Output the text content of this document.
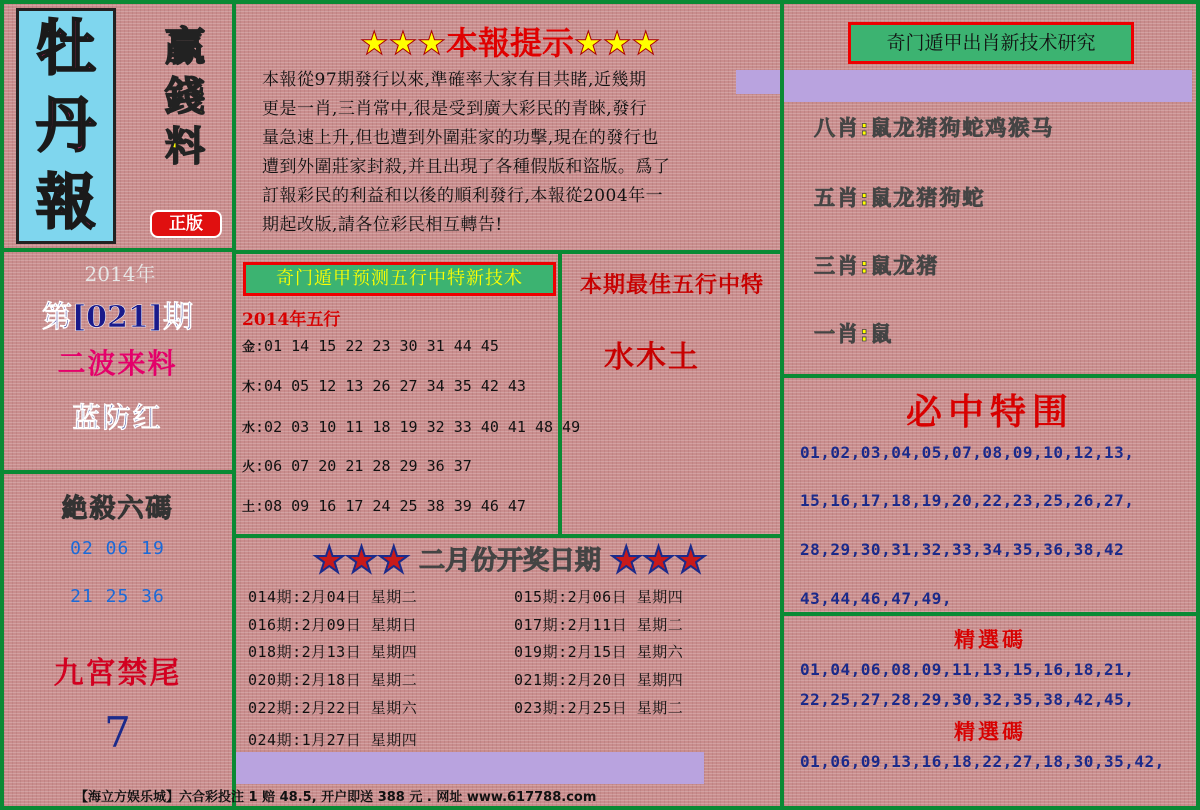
牡
丹
報
贏
錢
料
正版
2014年
第[021]期
二波来料
蓝防红
絶殺六碼
02 06 19
21 25 36
九宮禁尾
7
★★★本報提示★★★
本報從97期發行以來,準確率大家有目共睹,近幾期
更是一肖,三肖常中,很是受到廣大彩民的青睞,發行
量急速上升,但也遭到外圍莊家的功擊,現在的發行也
遭到外圍莊家封殺,并且出現了各種假版和盜版。爲了
訂報彩民的利益和以後的順利發行,本報從2004年一
期起改版,請各位彩民相互轉告!
奇门遁甲预测五行中特新技术
2014年五行
金:01 14 15 22 23 30 31 44 45
木:04 05 12 13 26 27 34 35 42 43
水:02 03 10 11 18 19 32 33 40 41 48 49
火:06 07 20 21 28 29 36 37
土:08 09 16 17 24 25 38 39 46 47
本期最佳五行中特
水木土
★★★ 二月份开奖日期 ★★★
014期:2月04日 星期二	015期:2月06日 星期四
016期:2月09日 星期日	017期:2月11日 星期二
018期:2月13日 星期四	019期:2月15日 星期六
020期:2月18日 星期二	021期:2月20日 星期四
022期:2月22日 星期六	023期:2月25日 星期二
024期:1月27日 星期四
奇门遁甲出肖新技术研究
八肖:鼠龙猪狗蛇鸡猴马
五肖:鼠龙猪狗蛇
三肖:鼠龙猪
一肖:鼠
必中特围
01,02,03,04,05,07,08,09,10,12,13,
15,16,17,18,19,20,22,23,25,26,27,
28,29,30,31,32,33,34,35,36,38,42
43,44,46,47,49,
精選碼
01,04,06,08,09,11,13,15,16,18,21,
22,25,27,28,29,30,32,35,38,42,45,
精選碼
01,06,09,13,16,18,22,27,18,30,35,42,
【海立方娱乐城】六合彩投注 1 赔 48.5, 开户即送 388 元 . 网址 www.617788.com
